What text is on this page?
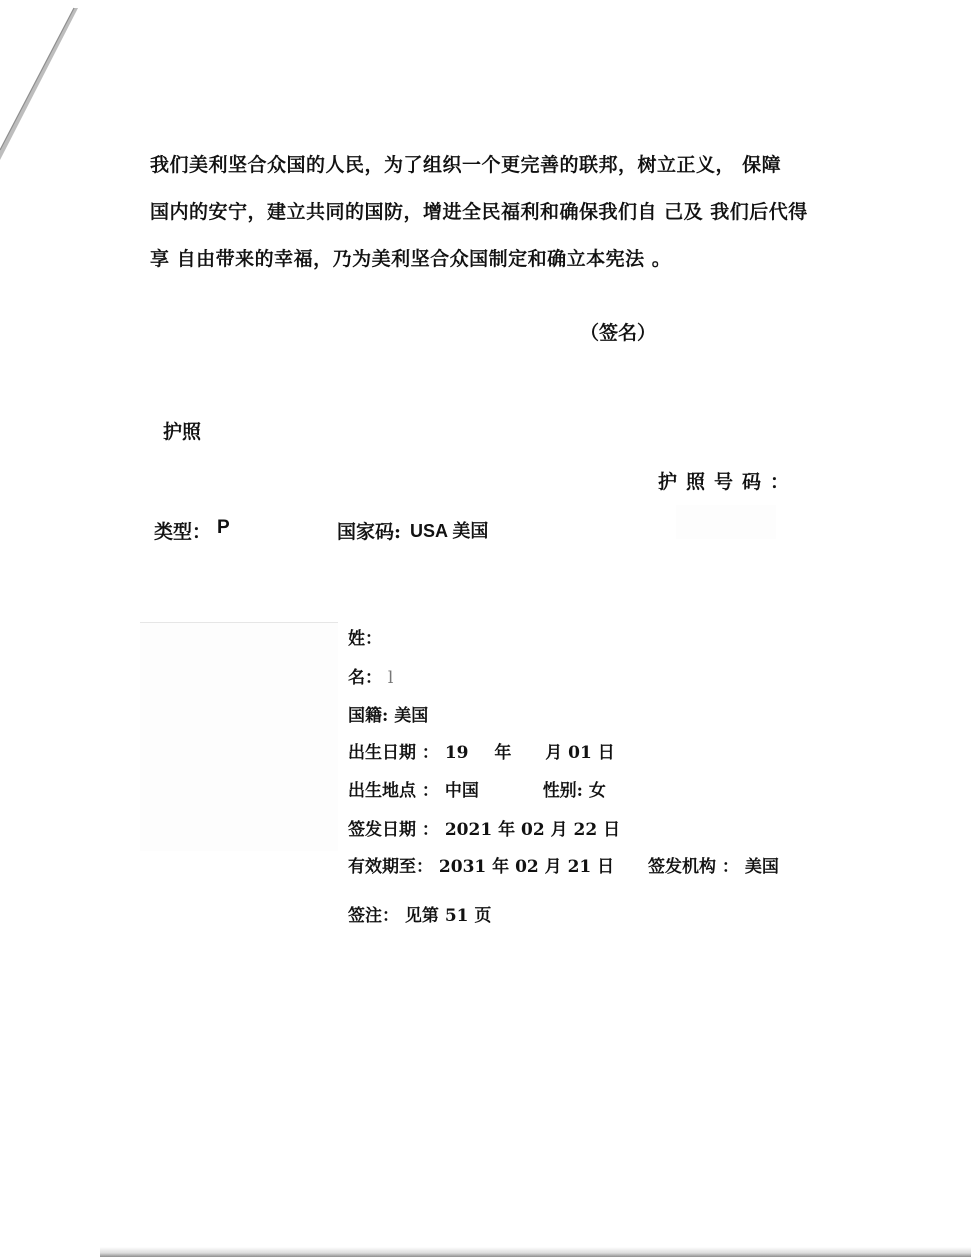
我们美利坚合众国的人民，为了组织一个更完善的联邦，树立正义， 保障
国内的安宁，建立共同的国防，增进全民福利和确保我们自 己及 我们后代得
享 自由带来的幸福，乃为美利坚合众国制定和确立本宪法 。
（签名）
护照
护照号码：
类型： P	国家码: USA 美国
姓：
名： l
国籍: 美国
出生日期 ： 19 年 月 01 日
出生地点 ： 中国	性别: 女
签发日期 ： 2021 年 02 月 22 日
有效期至： 2031 年 02 月 21 日 签发机构 ： 美国
签注： 见第 51 页
